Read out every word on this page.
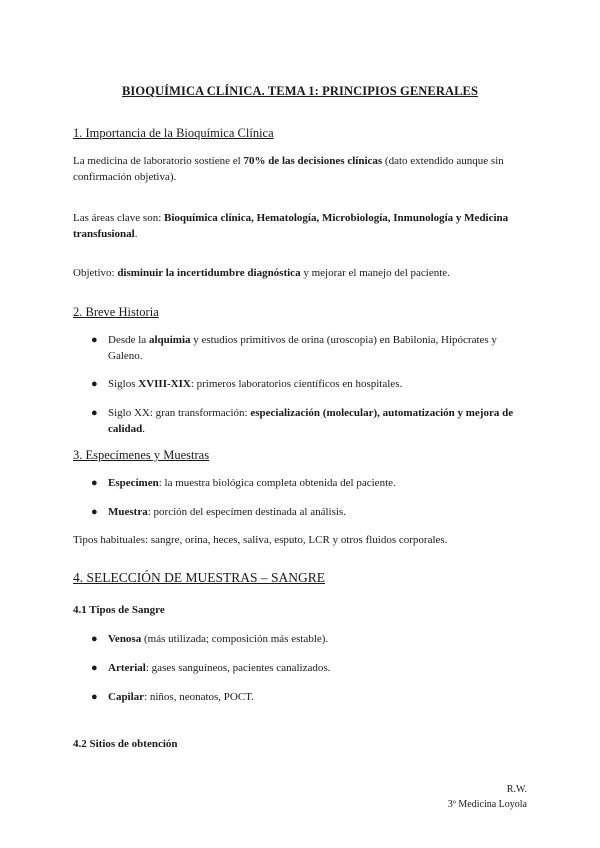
BIOQUÍMICA CLÍNICA. TEMA 1: PRINCIPIOS GENERALES
1. Importancia de la Bioquímica Clínica

La medicina de laboratorio sostiene el 70% de las decisiones clínicas (dato extendido aunque sin confirmación objetiva).

Las áreas clave son: Bioquímica clínica, Hematología, Microbiología, Inmunología y Medicina transfusional.

Objetivo: disminuir la incertidumbre diagnóstica y mejorar el manejo del paciente.

2. Breve Historia

● Desde la alquimia y estudios primitivos de orina (uroscopia) en Babilonia, Hipócrates y Galeno.

● Siglos XVIII-XIX: primeros laboratorios científicos en hospitales.

● Siglo XX: gran transformación: especialización (molecular), automatización y mejora de calidad.

3. Especímenes y Muestras

● Especímen: la muestra biológica completa obtenida del paciente.

● Muestra: porción del especímen destinada al análisis.

Tipos habituales: sangre, orina, heces, saliva, esputo, LCR y otros fluidos corporales.

4. SELECCIÓN DE MUESTRAS – SANGRE
4.1 Tipos de Sangre

● Venosa (más utilizada; composición más estable).

● Arterial: gases sanguíneos, pacientes canalizados.

● Capilar: niños, neonatos, POCT.

4.2 Sitios de obtención

R.W.

3º Medicina Loyola
